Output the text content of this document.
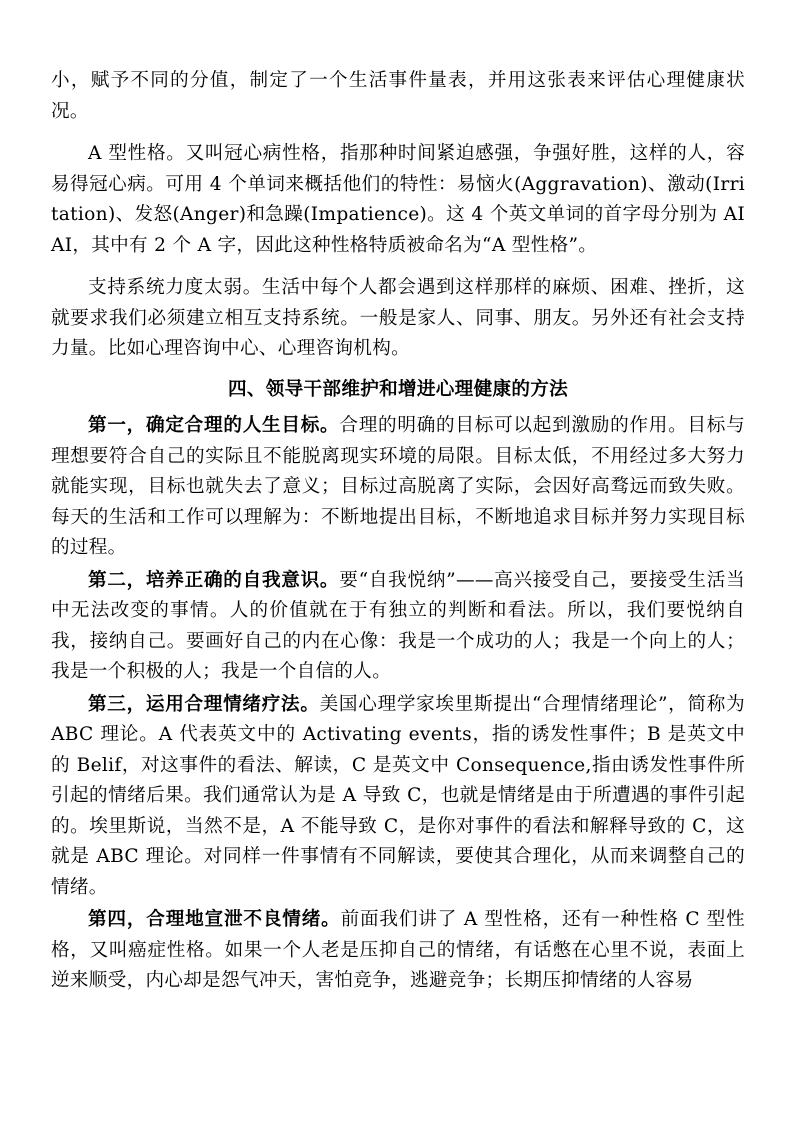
小，赋予不同的分值，制定了一个生活事件量表，并用这张表来评估心理健康状况。

A 型性格。又叫冠心病性格，指那种时间紧迫感强，争强好胜，这样的人，容易得冠心病。可用 4 个单词来概括他们的特性：易恼火(Aggravation)、激动(Irritation)、发怒(Anger)和急躁(Impatience)。这 4 个英文单词的首字母分别为 AIAI，其中有 2 个 A 字，因此这种性格特质被命名为“A 型性格”。

支持系统力度太弱。生活中每个人都会遇到这样那样的麻烦、困难、挫折，这就要求我们必须建立相互支持系统。一般是家人、同事、朋友。另外还有社会支持力量。比如心理咨询中心、心理咨询机构。

四、领导干部维护和增进心理健康的方法

第一，确定合理的人生目标。合理的明确的目标可以起到激励的作用。目标与理想要符合自己的实际且不能脱离现实环境的局限。目标太低，不用经过多大努力就能实现，目标也就失去了意义；目标过高脱离了实际，会因好高骛远而致失败。每天的生活和工作可以理解为：不断地提出目标，不断地追求目标并努力实现目标的过程。

第二，培养正确的自我意识。要“自我悦纳”——高兴接受自己，要接受生活当中无法改变的事情。人的价值就在于有独立的判断和看法。所以，我们要悦纳自我，接纳自己。要画好自己的内在心像：我是一个成功的人；我是一个向上的人；我是一个积极的人；我是一个自信的人。

第三，运用合理情绪疗法。美国心理学家埃里斯提出“合理情绪理论”，简称为 ABC 理论。A 代表英文中的 Activating events，指的诱发性事件；B 是英文中的 Belif，对这事件的看法、解读，C 是英文中 Consequence,指由诱发性事件所引起的情绪后果。我们通常认为是 A 导致 C，也就是情绪是由于所遭遇的事件引起的。埃里斯说，当然不是，A 不能导致 C，是你对事件的看法和解释导致的 C，这就是 ABC 理论。对同样一件事情有不同解读，要使其合理化，从而来调整自己的情绪。

第四，合理地宣泄不良情绪。前面我们讲了 A 型性格，还有一种性格 C 型性格，又叫癌症性格。如果一个人老是压抑自己的情绪，有话憋在心里不说，表面上逆来顺受，内心却是怨气冲天，害怕竞争，逃避竞争；长期压抑情绪的人容易
